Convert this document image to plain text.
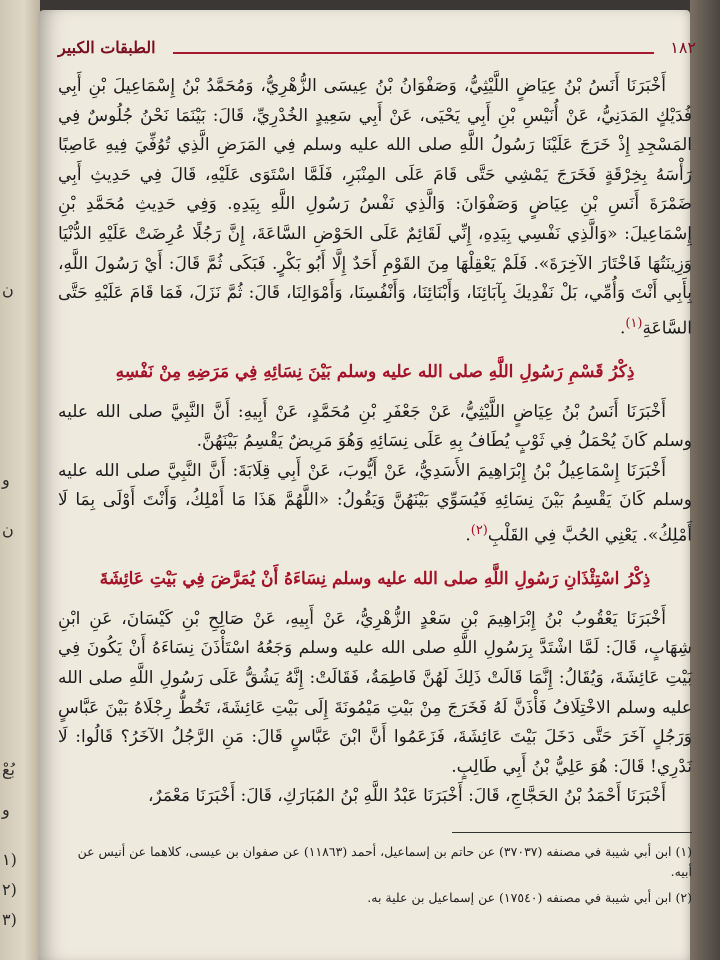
ن
و
ن
بُعْ
و
(١
(٢
(٣
١٨٢
الطبقات الكبير

أَخْبَرَنَا أَنَسُ بْنُ عِيَاضٍ اللَّيْثِيُّ، وَصَفْوَانُ بْنُ عِيسَى الزُّهْرِيُّ، وَمُحَمَّدُ بْنُ إِسْمَاعِيلَ بْنِ أَبِي فُدَيْكٍ المَدَنِيُّ، عَنْ أُنَيْسِ بْنِ أَبِي يَحْيَى، عَنْ أَبِي سَعِيدٍ الخُدْرِيِّ، قَالَ: بَيْنَمَا نَحْنُ جُلُوسٌ فِي المَسْجِدِ إِذْ خَرَجَ عَلَيْنَا رَسُولُ اللَّهِ صلى الله عليه وسلم فِي المَرَضِ الَّذِي تُوُفِّيَ فِيهِ عَاصِبًا رَأْسَهُ بِخِرْقَةٍ فَخَرَجَ يَمْشِي حَتَّى قَامَ عَلَى المِنْبَرِ، فَلَمَّا اسْتَوَى عَلَيْهِ، قَالَ فِي حَدِيثِ أَبِي ضَمْرَةَ أَنَسِ بْنِ عِيَاضٍ وَصَفْوَانَ: وَالَّذِي نَفْسُ رَسُولِ اللَّهِ بِيَدِهِ. وَفِي حَدِيثِ مُحَمَّدِ بْنِ إِسْمَاعِيلَ: «وَالَّذِي نَفْسِي بِيَدِهِ، إِنِّي لَقَائِمٌ عَلَى الحَوْضِ السَّاعَةَ، إِنَّ رَجُلًا عُرِضَتْ عَلَيْهِ الدُّنْيَا وَزِينَتُهَا فَاخْتَارَ الآخِرَةَ». فَلَمْ يَعْقِلْهَا مِنَ القَوْمِ أَحَدٌ إِلَّا أَبُو بَكْرٍ. فَبَكَى ثُمَّ قَالَ: أَيْ رَسُولَ اللَّهِ، بِأَبِي أَنْتَ وَأُمِّي، بَلْ نَفْدِيكَ بِآبَائِنَا، وَأَبْنَائِنَا، وَأَنْفُسِنَا، وَأَمْوَالِنَا، قَالَ: ثُمَّ نَزَلَ، فَمَا قَامَ عَلَيْهِ حَتَّى السَّاعَةِ$^{(١)}$.

ذِكْرُ قَسْمِ رَسُولِ اللَّهِ صلى الله عليه وسلم بَيْنَ نِسَائِهِ فِي مَرَضِهِ مِنْ نَفْسِهِ

أَخْبَرَنَا أَنَسُ بْنُ عِيَاضٍ اللَّيْثِيُّ، عَنْ جَعْفَرِ بْنِ مُحَمَّدٍ، عَنْ أَبِيهِ: أَنَّ النَّبِيَّ صلى الله عليه وسلم كَانَ يُحْمَلُ فِي ثَوْبٍ يُطَافُ بِهِ عَلَى نِسَائِهِ وَهُوَ مَرِيضٌ يَقْسِمُ بَيْنَهُنَّ.

أَخْبَرَنَا إِسْمَاعِيلُ بْنُ إِبْرَاهِيمَ الأَسَدِيُّ، عَنْ أَيُّوبَ، عَنْ أَبِي قِلَابَةَ: أَنَّ النَّبِيَّ صلى الله عليه وسلم كَانَ يَقْسِمُ بَيْنَ نِسَائِهِ فَيُسَوِّي بَيْنَهُنَّ وَيَقُولُ: «اللَّهُمَّ هَذَا مَا أَمْلِكُ، وَأَنْتَ أَوْلَى بِمَا لَا أَمْلِكُ». يَعْنِي الحُبَّ فِي القَلْبِ$^{(٢)}$.

ذِكْرُ اسْتِئْذَانِ رَسُولِ اللَّهِ صلى الله عليه وسلم نِسَاءَهُ أَنْ يُمَرَّضَ فِي بَيْتِ عَائِشَةَ

أَخْبَرَنَا يَعْقُوبُ بْنُ إِبْرَاهِيمَ بْنِ سَعْدٍ الزُّهْرِيُّ، عَنْ أَبِيهِ، عَنْ صَالِحِ بْنِ كَيْسَانَ، عَنِ ابْنِ شِهَابٍ، قَالَ: لَمَّا اشْتَدَّ بِرَسُولِ اللَّهِ صلى الله عليه وسلم وَجَعُهُ اسْتَأْذَنَ نِسَاءَهُ أَنْ يَكُونَ فِي بَيْتِ عَائِشَةَ، وَيُقَالُ: إِنَّمَا قَالَتْ ذَلِكَ لَهُنَّ فَاطِمَةُ، فَقَالَتْ: إِنَّهُ يَشُقُّ عَلَى رَسُولِ اللَّهِ صلى الله عليه وسلم الاخْتِلَافُ فَأْذَنَّ لَهُ فَخَرَجَ مِنْ بَيْتِ مَيْمُونَةَ إِلَى بَيْتِ عَائِشَةَ، تَخُطُّ رِجْلَاهُ بَيْنَ عَبَّاسٍ وَرَجُلٍ آخَرَ حَتَّى دَخَلَ بَيْتَ عَائِشَةَ، فَزَعَمُوا أَنَّ ابْنَ عَبَّاسٍ قَالَ: مَنِ الرَّجُلُ الآخَرُ؟ قَالُوا: لَا نَدْرِي! قَالَ: هُوَ عَلِيُّ بْنُ أَبِي طَالِبٍ.

أَخْبَرَنَا أَحْمَدُ بْنُ الحَجَّاجِ، قَالَ: أَخْبَرَنَا عَبْدُ اللَّهِ بْنُ المُبَارَكِ، قَالَ: أَخْبَرَنَا مَعْمَرٌ،

(١) ابن أبي شيبة في مصنفه (٣٧٠٣٧) عن حاتم بن إسماعيل، أحمد (١١٨٦٣) عن صفوان بن عيسى، كلاهما عن أنيس عن أبيه.

(٢) ابن أبي شيبة في مصنفه (١٧٥٤٠) عن إسماعيل بن علية به.
